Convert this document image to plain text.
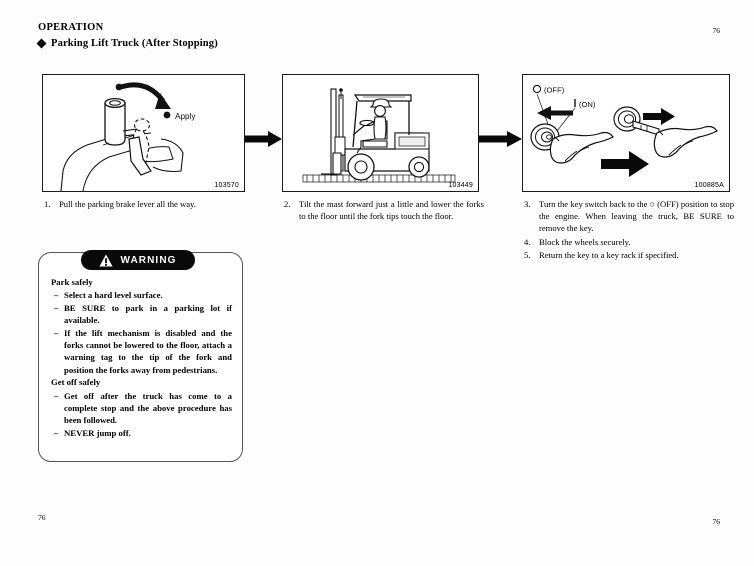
OPERATION
Parking Lift Truck (After Stopping)
76
76	76
Apply
103570	103449
(OFF)
(ON)
100885A
1. Pull the parking brake lever all the way.	2. Tilt the mast forward just a little and lower the forks to the floor until the fork tips touch the floor.
3. Turn the key switch back to the ○ (OFF) position to stop the engine. When leaving the truck, BE SURE to remove the key.
4. Block the wheels securely.
5. Return the key to a key rack if specified.
Park safely
– Select a hard level surface.
– BE SURE to park in a parking lot if available.
– If the lift mechanism is disabled and the forks cannot be lowered to the floor, attach a warning tag to the tip of the fork and position the forks away from pedestrians.
Get off safely
– Get off after the truck has come to a complete stop and the above procedure has been followed.
– NEVER jump off.
WARNING
